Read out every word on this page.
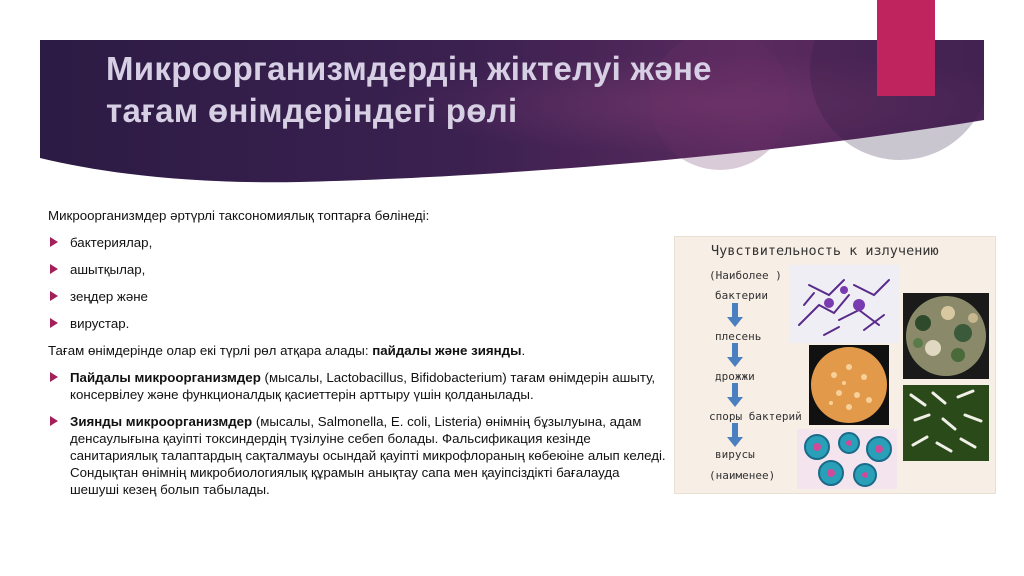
Микроорганизмдердің жіктелуі және
тағам өнімдеріндегі рөлі

Микроорганизмдер әртүрлі таксономиялық топтарға бөлінеді:

бактериялар,
ашытқылар,
зеңдер және
вирустар.

Тағам өнімдерінде олар екі түрлі рөл атқара алады: пайдалы және зиянды.

Пайдалы микроорганизмдер (мысалы, Lactobacillus, Bifidobacterium) тағам өнімдерін ашыту, консервілеу және функционалдық қасиеттерін арттыру үшін қолданылады.
Зиянды микроорганизмдер (мысалы, Salmonella, E. coli, Listeria) өнімнің бұзылуына, адам денсаулығына қауіпті токсиндердің түзілуіне себеп болады. Фальсификация кезінде санитариялық талаптардың сақталмауы осындай қауіпті микрофлораның көбеюіне алып келеді. Сондықтан өнімнің микробиологиялық құрамын анықтау сапа мен қауіпсіздікті бағалауда шешуші кезең болып табылады.
Чувствительность к излучению
(Наиболее )
бактерии
плесень
дрожжи
споры бактерий
вирусы
(наименее)
